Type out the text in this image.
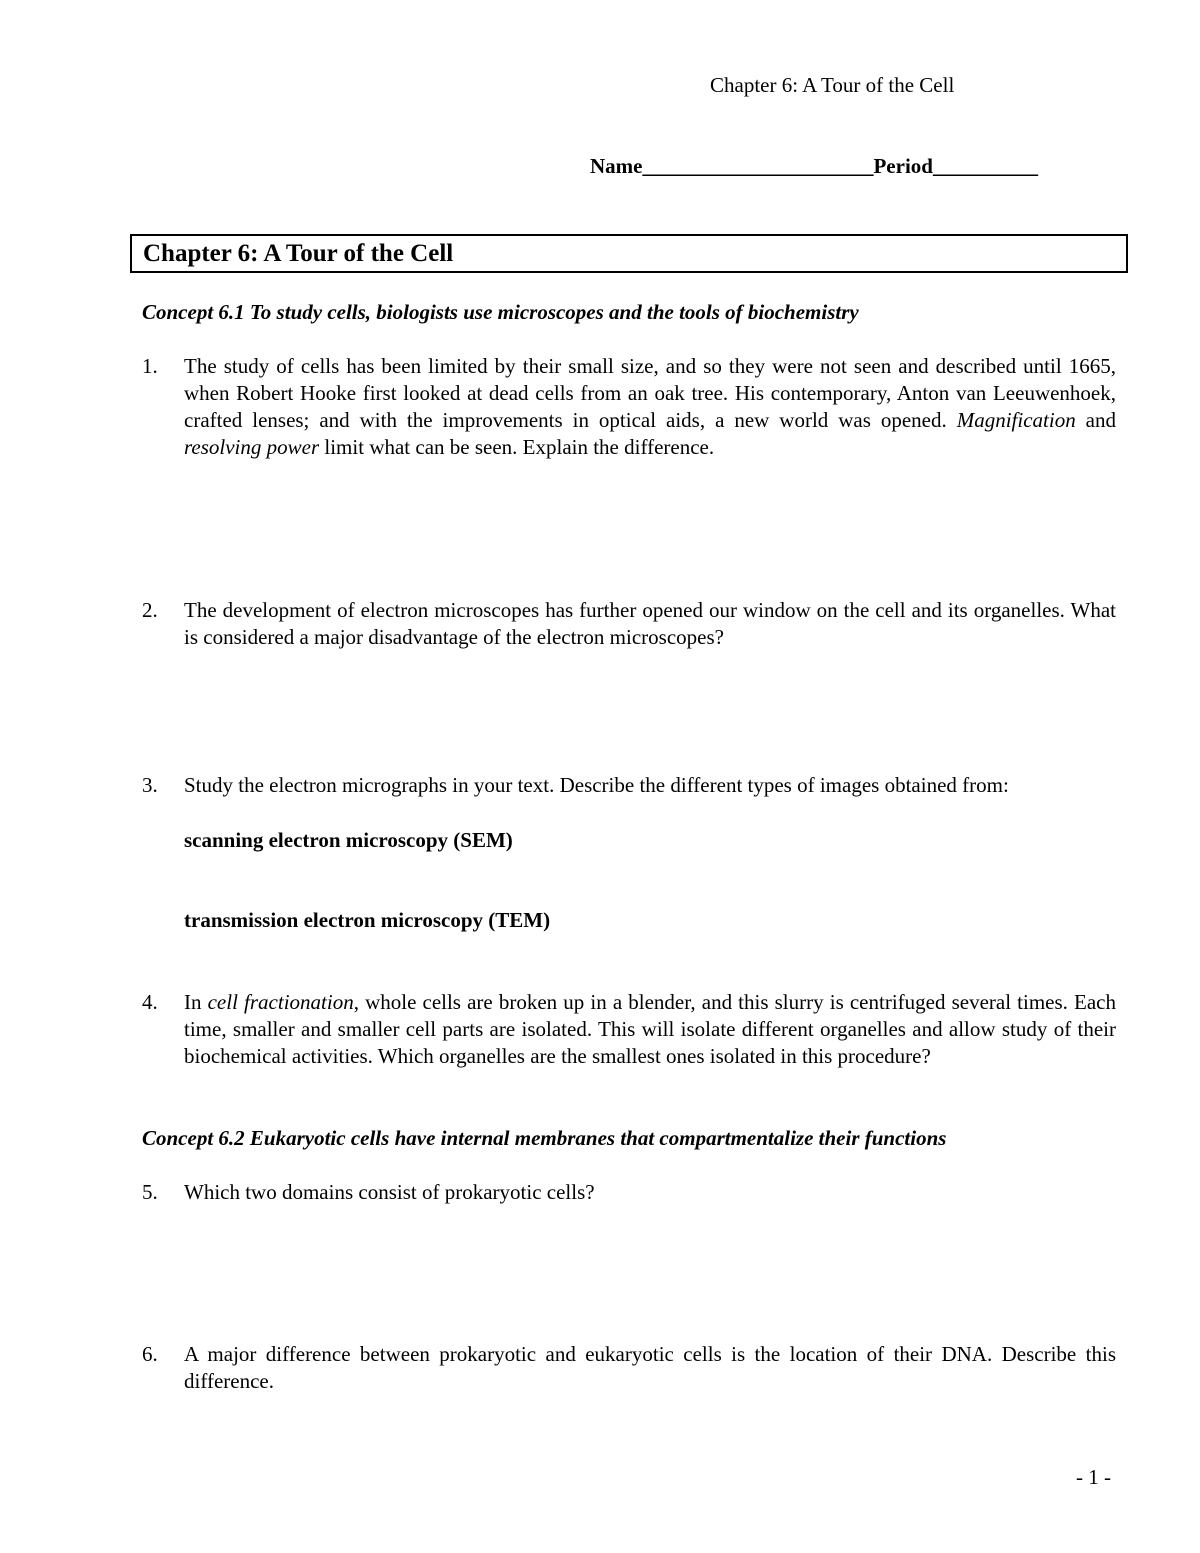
Chapter 6: A Tour of the Cell
Name______________________Period__________
Chapter 6: A Tour of the Cell
Concept 6.1 To study cells, biologists use microscopes and the tools of biochemistry
1. The study of cells has been limited by their small size, and so they were not seen and described until 1665, when Robert Hooke first looked at dead cells from an oak tree. His contemporary, Anton van Leeuwenhoek, crafted lenses; and with the improvements in optical aids, a new world was opened. Magnification and resolving power limit what can be seen. Explain the difference.
2. The development of electron microscopes has further opened our window on the cell and its organelles. What is considered a major disadvantage of the electron microscopes?
3. Study the electron micrographs in your text. Describe the different types of images obtained from:
scanning electron microscopy (SEM)
transmission electron microscopy (TEM)
4. In cell fractionation, whole cells are broken up in a blender, and this slurry is centrifuged several times. Each time, smaller and smaller cell parts are isolated. This will isolate different organelles and allow study of their biochemical activities. Which organelles are the smallest ones isolated in this procedure?
Concept 6.2 Eukaryotic cells have internal membranes that compartmentalize their functions
5. Which two domains consist of prokaryotic cells?
6. A major difference between prokaryotic and eukaryotic cells is the location of their DNA. Describe this difference.
- 1 -
